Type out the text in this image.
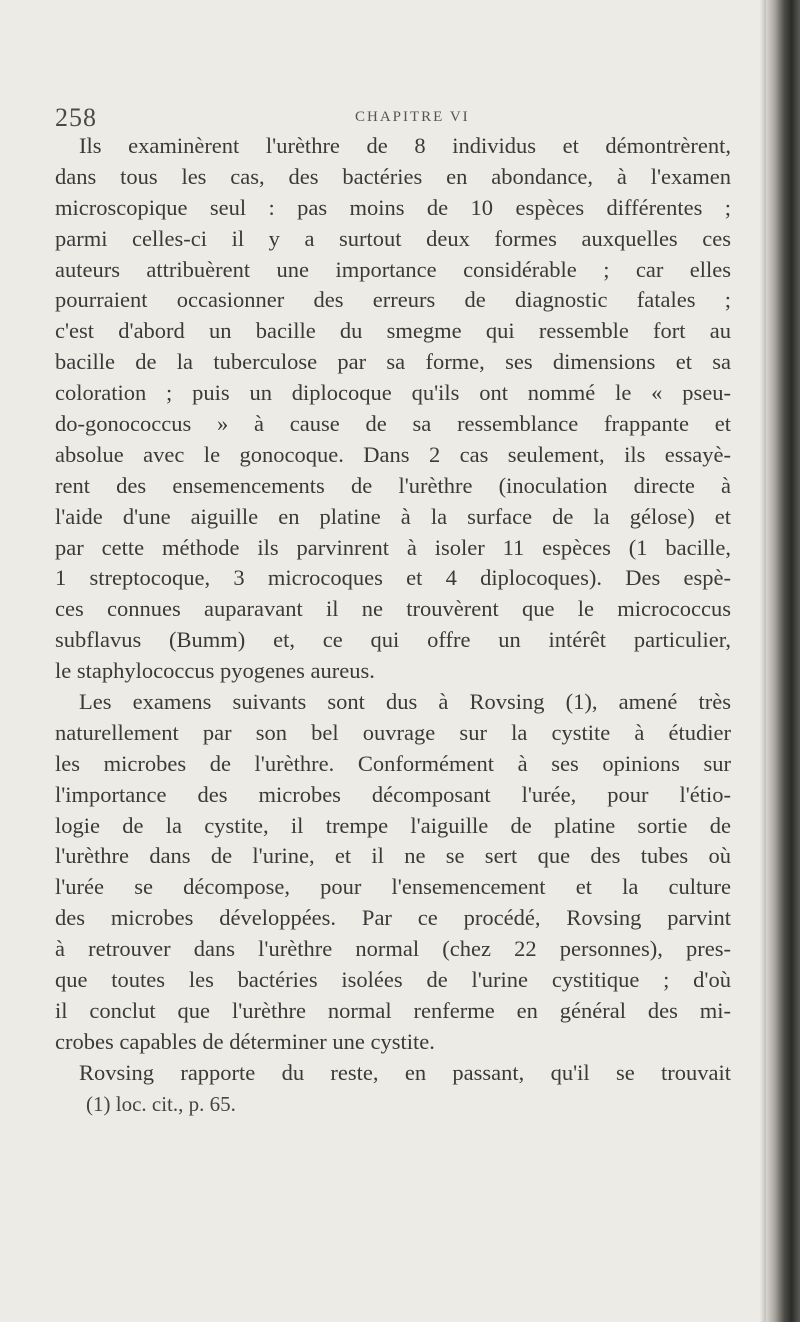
258	CHAPITRE VI
Ils examinèrent l'urèthre de 8 individus et démontrèrent,
dans tous les cas, des bactéries en abondance, à l'examen
microscopique seul : pas moins de 10 espèces différentes ;
parmi celles-ci il y a surtout deux formes auxquelles ces
auteurs attribuèrent une importance considérable ; car elles
pourraient occasionner des erreurs de diagnostic fatales ;
c'est d'abord un bacille du smegme qui ressemble fort au
bacille de la tuberculose par sa forme, ses dimensions et sa
coloration ; puis un diplocoque qu'ils ont nommé le « pseu-
do-gonococcus » à cause de sa ressemblance frappante et
absolue avec le gonocoque. Dans 2 cas seulement, ils essayè-
rent des ensemencements de l'urèthre (inoculation directe à
l'aide d'une aiguille en platine à la surface de la gélose) et
par cette méthode ils parvinrent à isoler 11 espèces (1 bacille,
1 streptocoque, 3 microcoques et 4 diplocoques). Des espè-
ces connues auparavant il ne trouvèrent que le micrococcus
subflavus (Bumm) et, ce qui offre un intérêt particulier,
le staphylococcus pyogenes aureus.
Les examens suivants sont dus à Rovsing (1), amené très
naturellement par son bel ouvrage sur la cystite à étudier
les microbes de l'urèthre. Conformément à ses opinions sur
l'importance des microbes décomposant l'urée, pour l'étio-
logie de la cystite, il trempe l'aiguille de platine sortie de
l'urèthre dans de l'urine, et il ne se sert que des tubes où
l'urée se décompose, pour l'ensemencement et la culture
des microbes développées. Par ce procédé, Rovsing parvint
à retrouver dans l'urèthre normal (chez 22 personnes), pres-
que toutes les bactéries isolées de l'urine cystitique ; d'où
il conclut que l'urèthre normal renferme en général des mi-
crobes capables de déterminer une cystite.
Rovsing rapporte du reste, en passant, qu'il se trouvait
(1) loc. cit., p. 65.
